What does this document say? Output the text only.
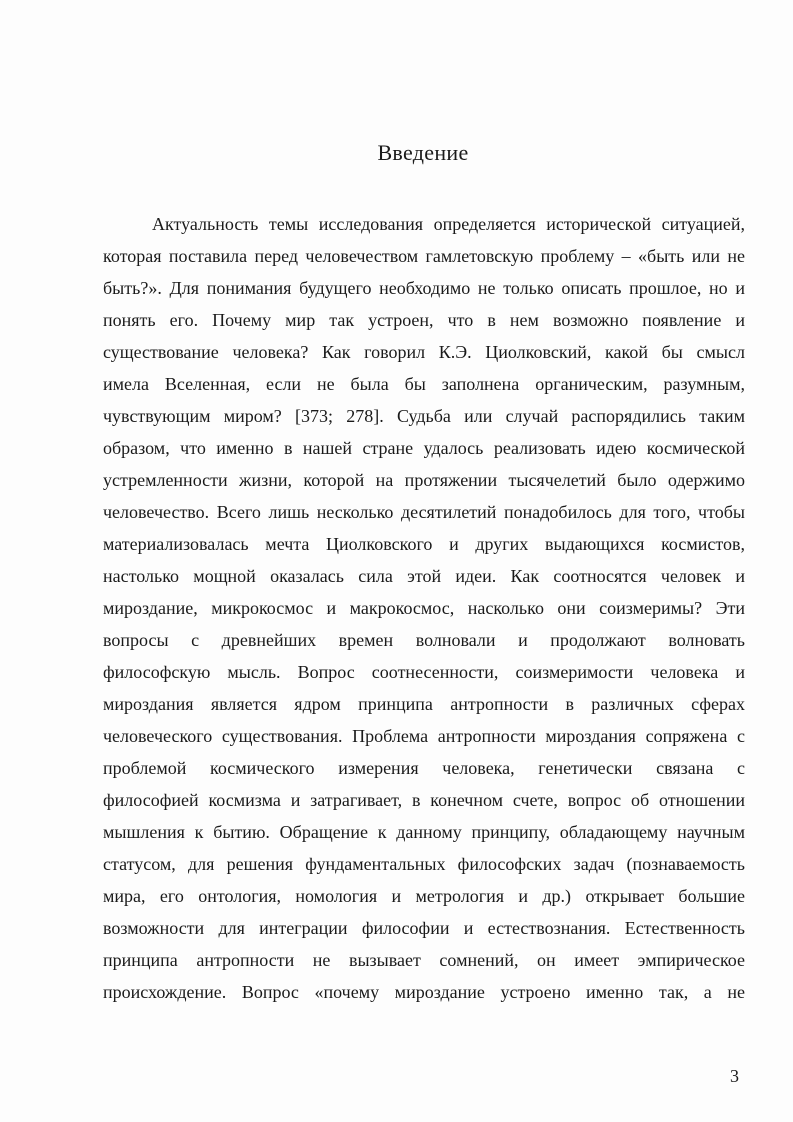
Введение
Актуальность темы исследования определяется исторической ситуацией,
которая поставила перед человечеством гамлетовскую проблему – «быть или не
быть?». Для понимания будущего необходимо не только описать прошлое, но и
понять его. Почему мир так устроен, что в нем возможно появление и
существование человека? Как говорил К.Э. Циолковский, какой бы смысл
имела Вселенная, если не была бы заполнена органическим, разумным,
чувствующим миром? [373; 278]. Судьба или случай распорядились таким
образом, что именно в нашей стране удалось реализовать идею космической
устремленности жизни, которой на протяжении тысячелетий было одержимо
человечество. Всего лишь несколько десятилетий понадобилось для того, чтобы
материализовалась мечта Циолковского и других выдающихся космистов,
настолько мощной оказалась сила этой идеи. Как соотносятся человек и
мироздание, микрокосмос и макрокосмос, насколько они соизмеримы? Эти
вопросы с древнейших времен волновали и продолжают волновать
философскую мысль. Вопрос соотнесенности, соизмеримости человека и
мироздания является ядром принципа антропности в различных сферах
человеческого существования. Проблема антропности мироздания сопряжена с
проблемой космического измерения человека, генетически связана с
философией космизма и затрагивает, в конечном счете, вопрос об отношении
мышления к бытию. Обращение к данному принципу, обладающему научным
статусом, для решения фундаментальных философских задач (познаваемость
мира, его онтология, номология и метрология и др.) открывает большие
возможности для интеграции философии и естествознания. Естественность
принципа антропности не вызывает сомнений, он имеет эмпирическое
происхождение. Вопрос «почему мироздание устроено именно так, а не
3
